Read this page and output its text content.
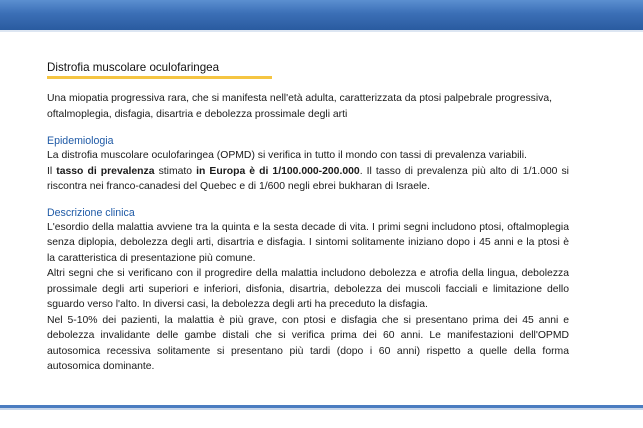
Distrofia muscolare oculofaringea

Una miopatia progressiva rara, che si manifesta nell'età adulta, caratterizzata da ptosi palpebrale progressiva, oftalmoplegia, disfagia, disartria e debolezza prossimale degli arti

Epidemiologia

La distrofia muscolare oculofaringea (OPMD) si verifica in tutto il mondo con tassi di prevalenza variabili.

Il tasso di prevalenza stimato in Europa è di 1/100.000-200.000. Il tasso di prevalenza più alto di 1/1.000 si riscontra nei franco-canadesi del Quebec e di 1/600 negli ebrei bukharan di Israele.

Descrizione clinica

L'esordio della malattia avviene tra la quinta e la sesta decade di vita. I primi segni includono ptosi, oftalmoplegia senza diplopia, debolezza degli arti, disartria e disfagia. I sintomi solitamente iniziano dopo i 45 anni e la ptosi è la caratteristica di presentazione più comune.

Altri segni che si verificano con il progredire della malattia includono debolezza e atrofia della lingua, debolezza prossimale degli arti superiori e inferiori, disfonia, disartria, debolezza dei muscoli facciali e limitazione dello sguardo verso l'alto. In diversi casi, la debolezza degli arti ha preceduto la disfagia.

Nel 5-10% dei pazienti, la malattia è più grave, con ptosi e disfagia che si presentano prima dei 45 anni e debolezza invalidante delle gambe distali che si verifica prima dei 60 anni. Le manifestazioni dell'OPMD autosomica recessiva solitamente si presentano più tardi (dopo i 60 anni) rispetto a quelle della forma autosomica dominante.
